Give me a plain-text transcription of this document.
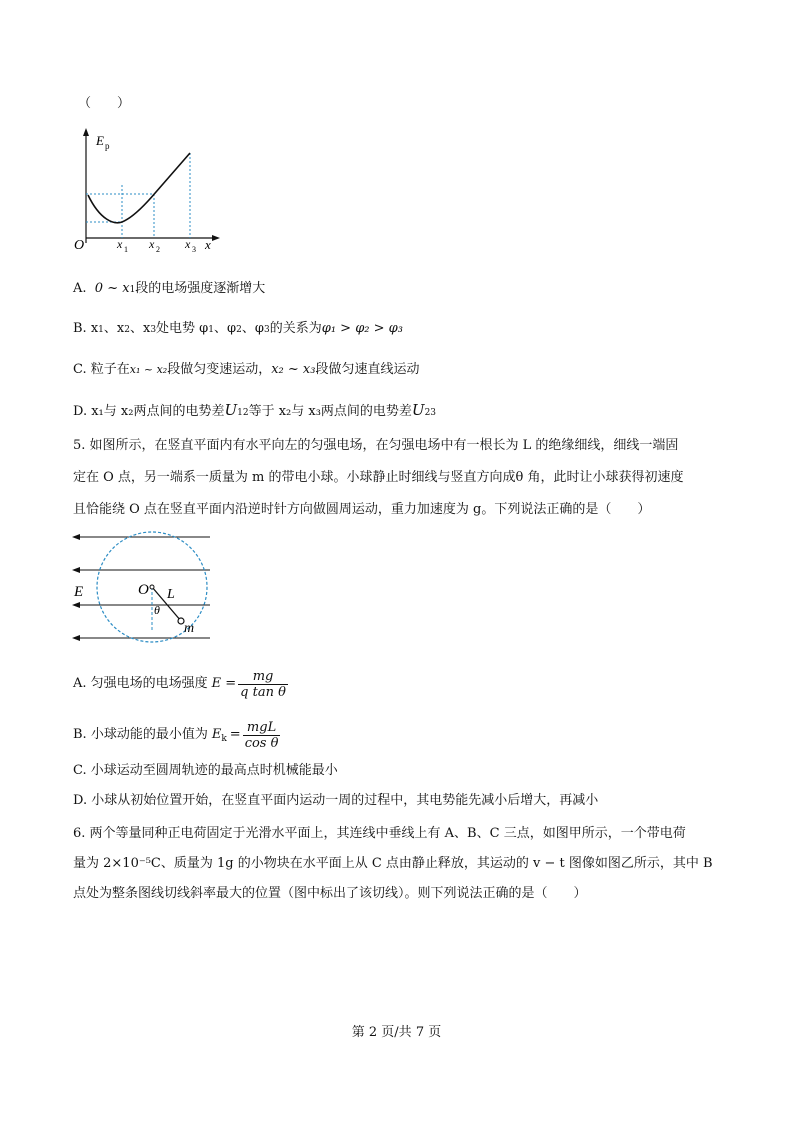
（　　）
E p
O	x
x 1 x 2 x 3
A. 0 ~ x1段的电场强度逐渐增大
B. x1、x2、x3处电势 φ1、φ2、φ3的关系为φ₁ > φ₂ > φ₃
C. 粒子在x₁ ~ x₂段做匀变速运动，x₂ ~ x₃段做匀速直线运动
D. x₁与 x₂两点间的电势差U12等于 x₂与 x₃两点间的电势差U23
5. 如图所示，在竖直平面内有水平向左的匀强电场，在匀强电场中有一根长为 L 的绝缘细线，细线一端固
定在 O 点，另一端系一质量为 m 的带电小球。小球静止时细线与竖直方向成θ 角，此时让小球获得初速度
且恰能绕 O 点在竖直平面内沿逆时针方向做圆周运动，重力加速度为 g。下列说法正确的是（　　）
E	O L
θ
m
A. 匀强电场的电场强度 $E = \frac{mg}{\text{q tan θ}}$
B. 小球动能的最小值为 E $k = \frac{\text{mgL}}{\text{cos θ}}$
C. 小球运动至圆周轨迹的最高点时机械能最小
D. 小球从初始位置开始，在竖直平面内运动一周的过程中，其电势能先减小后增大，再减小
6. 两个等量同种正电荷固定于光滑水平面上，其连线中垂线上有 A、B、C 三点，如图甲所示，一个带电荷
量为 2×10⁻⁵C、质量为 1g 的小物块在水平面上从 C 点由静止释放，其运动的 v − t 图像如图乙所示，其中 B
点处为整条图线切线斜率最大的位置（图中标出了该切线）。则下列说法正确的是（　　）
第 2 页/共 7 页
